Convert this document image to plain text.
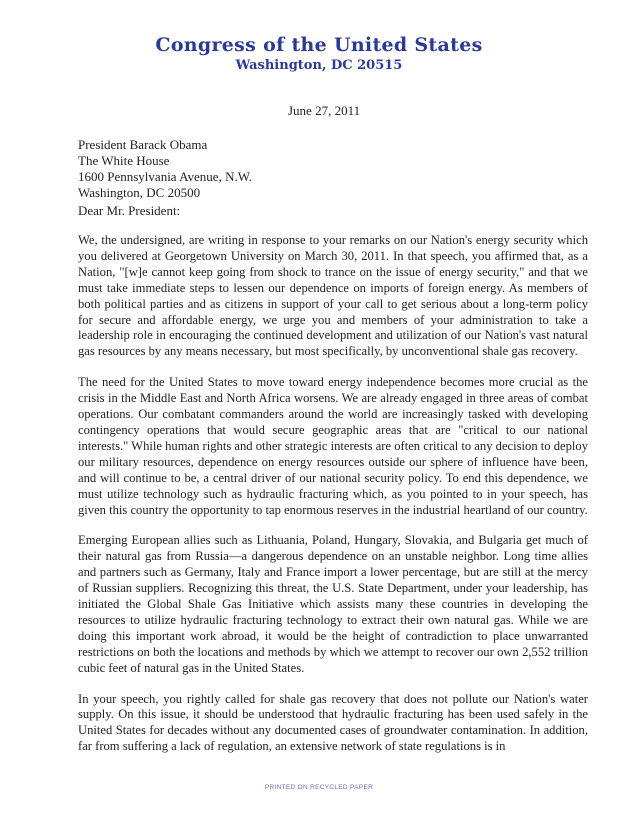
Congress of the United States
Washington, DC 20515
June 27, 2011
President Barack Obama
The White House
1600 Pennsylvania Avenue, N.W.
Washington, DC 20500
Dear Mr. President:

We, the undersigned, are writing in response to your remarks on our Nation's energy security which you delivered at Georgetown University on March 30, 2011. In that speech, you affirmed that, as a Nation, "[w]e cannot keep going from shock to trance on the issue of energy security," and that we must take immediate steps to lessen our dependence on imports of foreign energy. As members of both political parties and as citizens in support of your call to get serious about a long-term policy for secure and affordable energy, we urge you and members of your administration to take a leadership role in encouraging the continued development and utilization of our Nation's vast natural gas resources by any means necessary, but most specifically, by unconventional shale gas recovery.

The need for the United States to move toward energy independence becomes more crucial as the crisis in the Middle East and North Africa worsens. We are already engaged in three areas of combat operations. Our combatant commanders around the world are increasingly tasked with developing contingency operations that would secure geographic areas that are "critical to our national interests." While human rights and other strategic interests are often critical to any decision to deploy our military resources, dependence on energy resources outside our sphere of influence have been, and will continue to be, a central driver of our national security policy. To end this dependence, we must utilize technology such as hydraulic fracturing which, as you pointed to in your speech, has given this country the opportunity to tap enormous reserves in the industrial heartland of our country.

Emerging European allies such as Lithuania, Poland, Hungary, Slovakia, and Bulgaria get much of their natural gas from Russia—a dangerous dependence on an unstable neighbor. Long time allies and partners such as Germany, Italy and France import a lower percentage, but are still at the mercy of Russian suppliers. Recognizing this threat, the U.S. State Department, under your leadership, has initiated the Global Shale Gas Initiative which assists many these countries in developing the resources to utilize hydraulic fracturing technology to extract their own natural gas. While we are doing this important work abroad, it would be the height of contradiction to place unwarranted restrictions on both the locations and methods by which we attempt to recover our own 2,552 trillion cubic feet of natural gas in the United States.

In your speech, you rightly called for shale gas recovery that does not pollute our Nation's water supply. On this issue, it should be understood that hydraulic fracturing has been used safely in the United States for decades without any documented cases of groundwater contamination. In addition, far from suffering a lack of regulation, an extensive network of state regulations is in

PRINTED ON RECYCLED PAPER
